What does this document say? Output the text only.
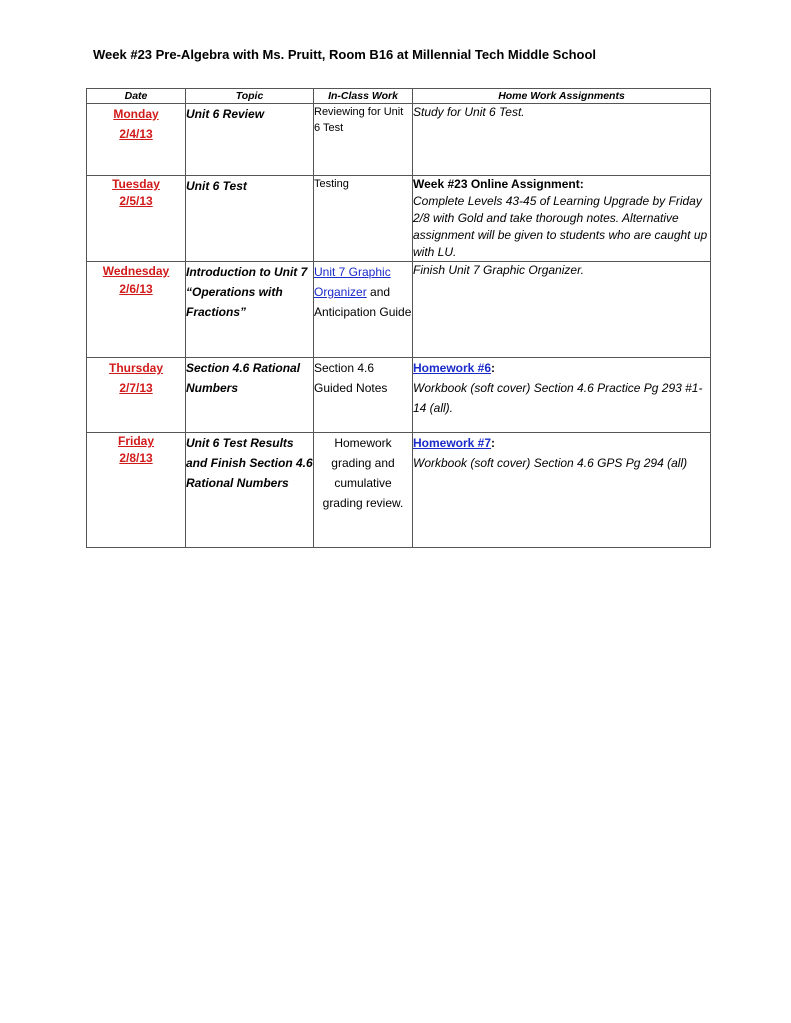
Week #23 Pre-Algebra with Ms. Pruitt, Room B16 at Millennial Tech Middle School
Date	Topic	In-Class Work	Home Work Assignments

Monday
2/4/13	Unit 6 Review	Reviewing for Unit 6 Test	Study for Unit 6 Test.

Tuesday
2/5/13	Unit 6 Test	Testing	Week #23 Online Assignment:
Complete Levels 43-45 of Learning Upgrade by Friday 2/8 with Gold and take thorough notes. Alternative assignment will be given to students who are caught up with LU.

Wednesday
2/6/13	Introduction to Unit 7 “Operations with Fractions”	Unit 7 Graphic Organizer and Anticipation Guide	Finish Unit 7 Graphic Organizer.

Thursday
2/7/13	Section 4.6 Rational Numbers	Section 4.6 Guided Notes	Homework #6:
Workbook (soft cover) Section 4.6 Practice Pg 293 #1-14 (all).

Friday
2/8/13	Unit 6 Test Results and Finish Section 4.6 Rational Numbers	Homework grading and cumulative grading review.	Homework #7:
Workbook (soft cover) Section 4.6 GPS Pg 294 (all)
